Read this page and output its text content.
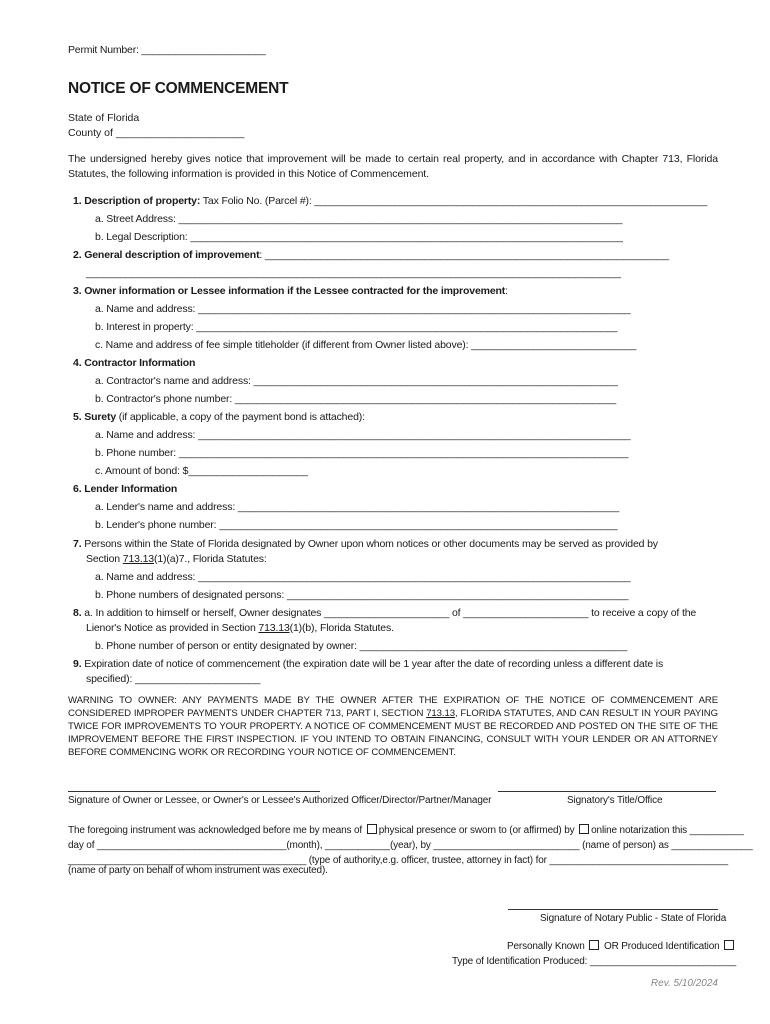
Permit Number: ______________________
NOTICE OF COMMENCEMENT
State of Florida
County of ______________________
The undersigned hereby gives notice that improvement will be made to certain real property, and in accordance with Chapter 713, Florida Statutes, the following information is provided in this Notice of Commencement.
1. Description of property: Tax Folio No. (Parcel #): _____________________________________________________________________
a. Street Address: ______________________________________________________________________________
b. Legal Description: ____________________________________________________________________________
2. General description of improvement: _______________________________________________________________________
______________________________________________________________________________________________
3. Owner information or Lessee information if the Lessee contracted for the improvement:
a. Name and address: ____________________________________________________________________________
b. Interest in property: __________________________________________________________________________
c. Name and address of fee simple titleholder (if different from Owner listed above): _____________________________
4. Contractor Information
a. Contractor's name and address: ________________________________________________________________
b. Contractor's phone number: ___________________________________________________________________
5. Surety (if applicable, a copy of the payment bond is attached):
a. Name and address: ____________________________________________________________________________
b. Phone number: _______________________________________________________________________________
c. Amount of bond: $_____________________
6. Lender Information
a. Lender's name and address: ___________________________________________________________________
b. Lender's phone number: ______________________________________________________________________
7. Persons within the State of Florida designated by Owner upon whom notices or other documents may be served as provided by
Section 713.13(1)(a)7., Florida Statutes:
a. Name and address: ____________________________________________________________________________
b. Phone numbers of designated persons: ____________________________________________________________
8. a. In addition to himself or herself, Owner designates ______________________ of ______________________ to receive a copy of the
Lienor's Notice as provided in Section 713.13(1)(b), Florida Statutes.
b. Phone number of person or entity designated by owner: _______________________________________________
9. Expiration date of notice of commencement (the expiration date will be 1 year after the date of recording unless a different date is
specified): ______________________
WARNING TO OWNER: ANY PAYMENTS MADE BY THE OWNER AFTER THE EXPIRATION OF THE NOTICE OF COMMENCEMENT ARE CONSIDERED IMPROPER PAYMENTS UNDER CHAPTER 713, PART I, SECTION 713.13, FLORIDA STATUTES, AND CAN RESULT IN YOUR PAYING TWICE FOR IMPROVEMENTS TO YOUR PROPERTY. A NOTICE OF COMMENCEMENT MUST BE RECORDED AND POSTED ON THE SITE OF THE IMPROVEMENT BEFORE THE FIRST INSPECTION. IF YOU INTEND TO OBTAIN FINANCING, CONSULT WITH YOUR LENDER OR AN ATTORNEY BEFORE COMMENCING WORK OR RECORDING YOUR NOTICE OF COMMENCEMENT.
Signature of Owner or Lessee, or Owner's or Lessee's Authorized Officer/Director/Partner/Manager	Signatory's Title/Office
The foregoing instrument was acknowledged before me by means of physical presence or sworn to (or affirmed) by online notarization this __________
day of ___________________________________(month), ____________(year), by ___________________________ (name of person) as _______________
____________________________________________ (type of authority,e.g. officer, trustee, attorney in fact) for _________________________________
(name of party on behalf of whom instrument was executed).
Signature of Notary Public - State of Florida
Personally Known OR Produced Identification
Type of Identification Produced: ___________________________
Rev. 5/10/2024
